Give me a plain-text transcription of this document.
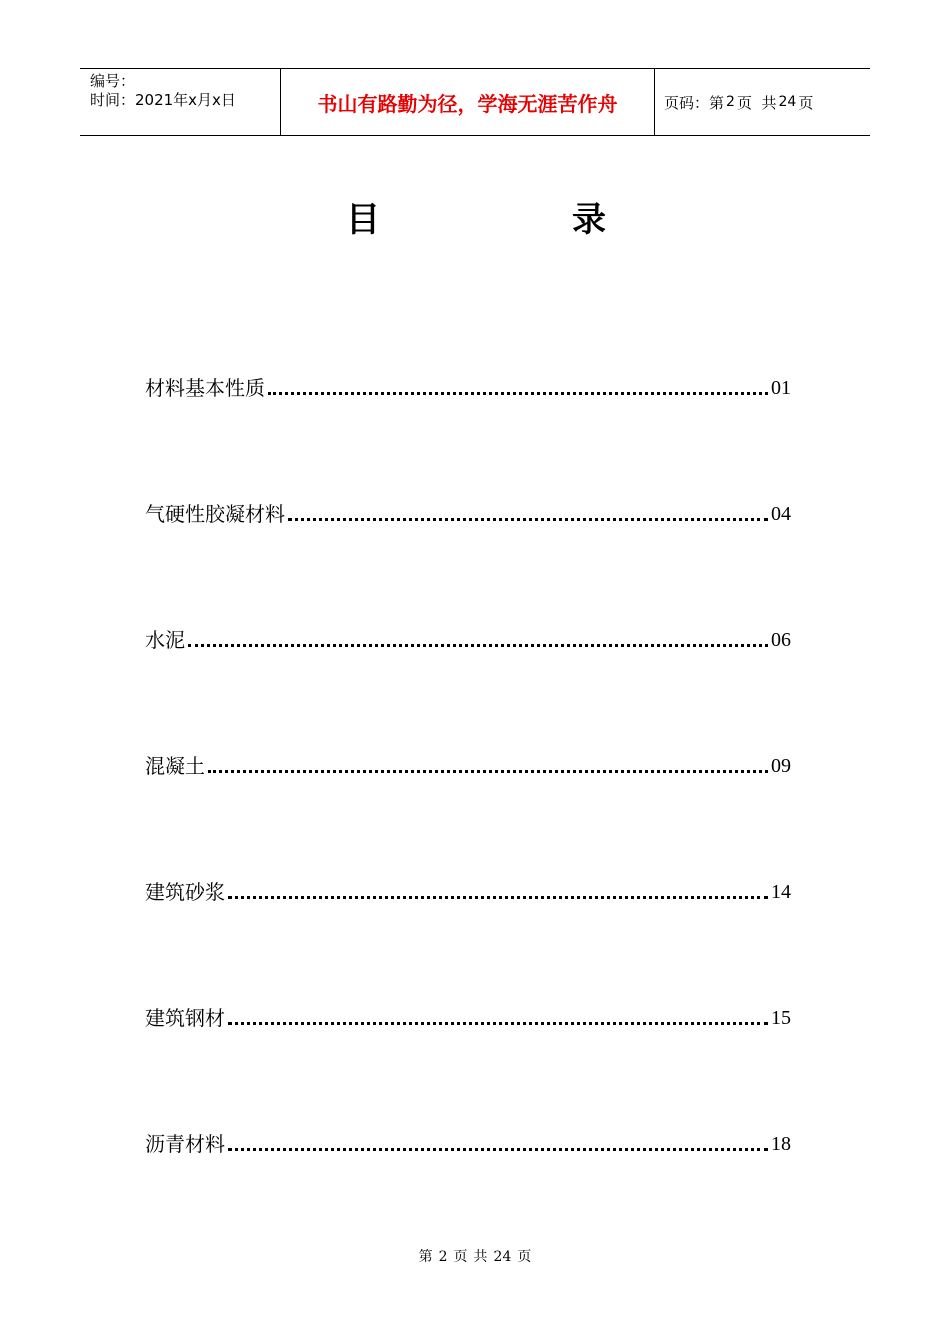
编号：
时间：2021年x月x日	书山有路勤为径，学海无涯苦作舟	页码：第 2 页  共 24 页
目	录
材料基本性质	01
气硬性胶凝材料	04
水泥	06
混凝土	09
建筑砂浆	14
建筑钢材	15
沥青材料	18
第 2 页 共 24 页
